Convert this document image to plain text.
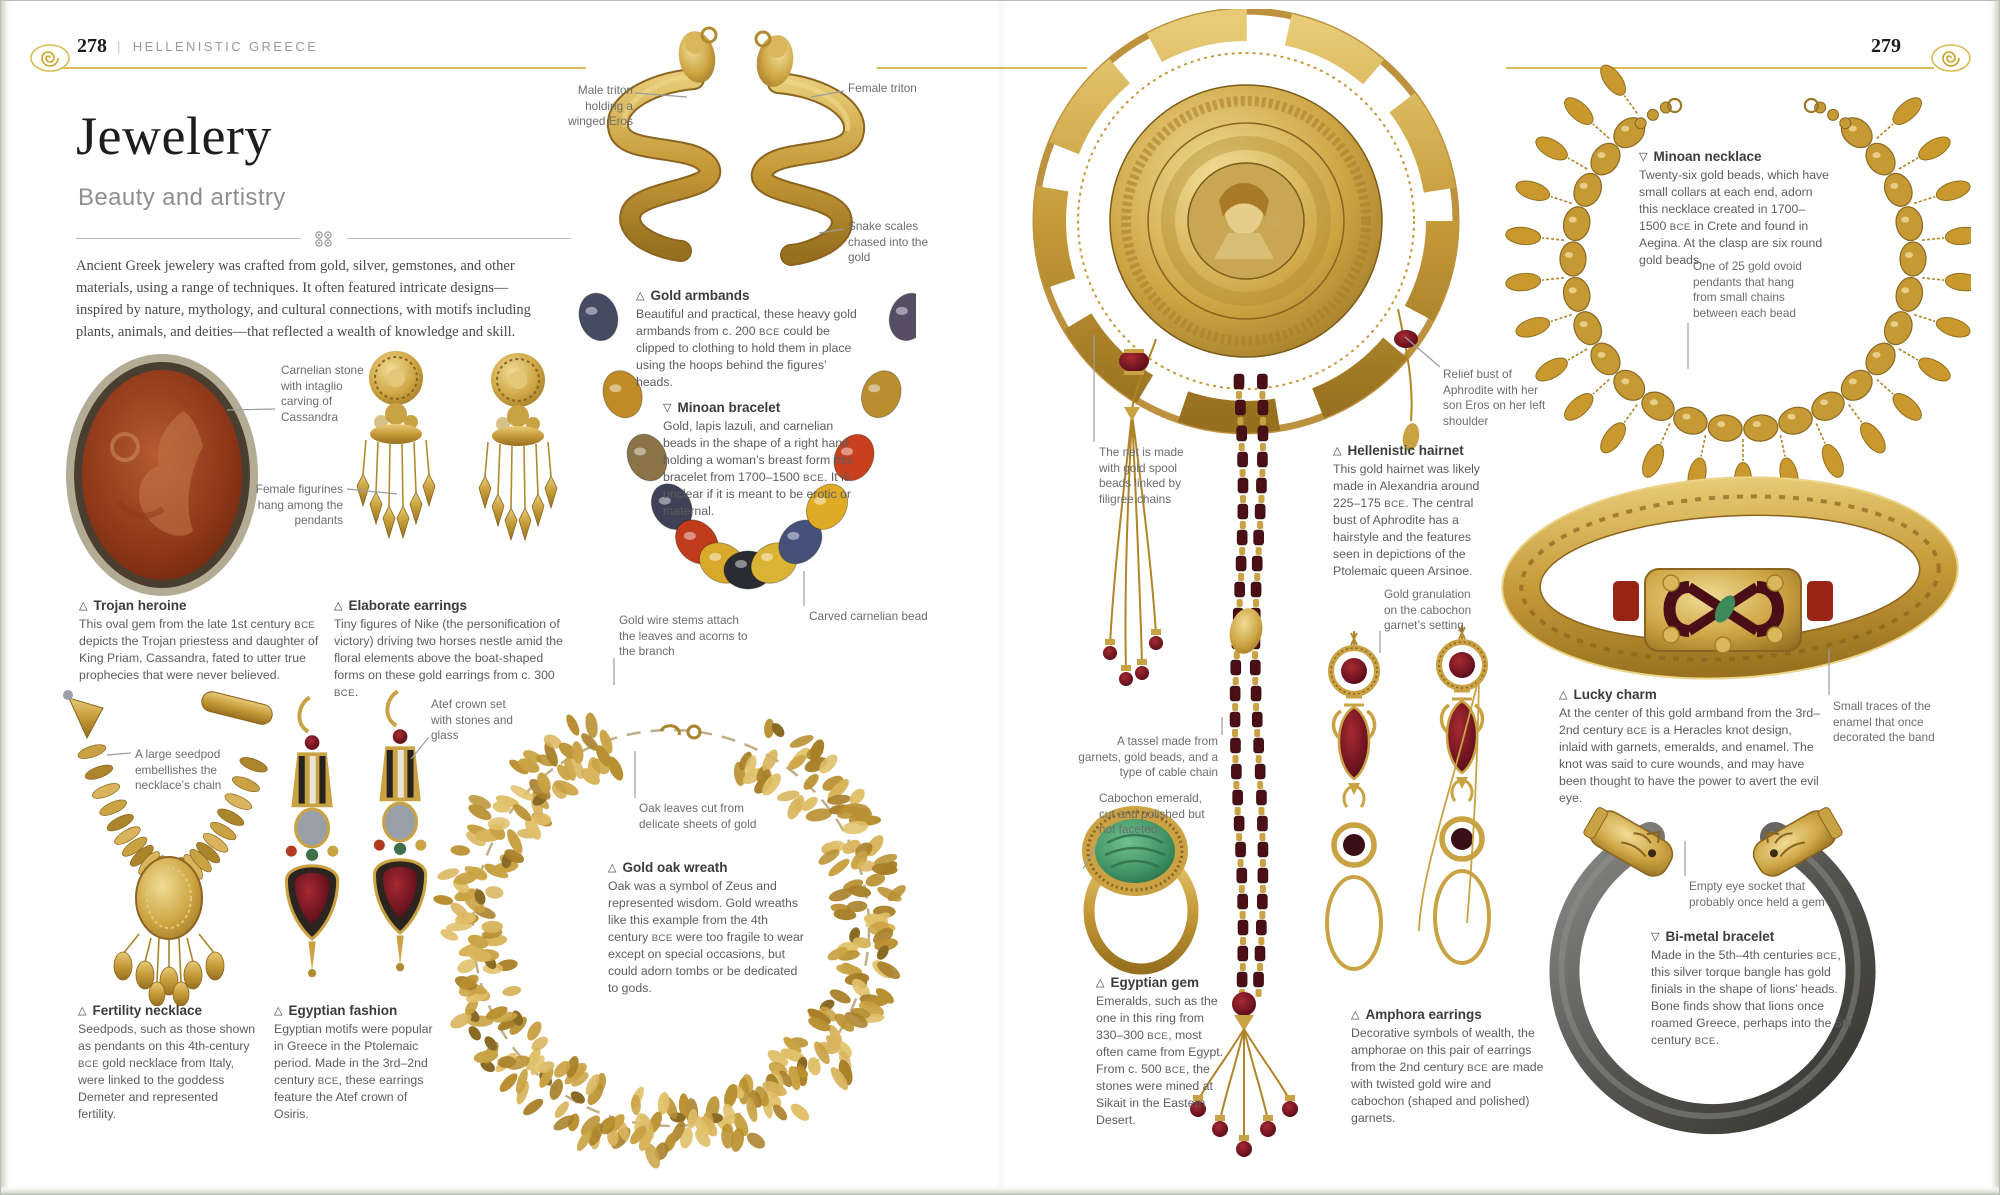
278 | HELLENISTIC GREECE	279
Jewelery
Beauty and artistry
Ancient Greek jewelery was crafted from gold, silver, gemstones, and other materials, using a range of techniques. It often featured intricate designs—inspired by nature, mythology, and cultural connections, with motifs including plants, animals, and deities—that reflected a wealth of knowledge and skill.
Male triton holding a winged Eros
Female triton
Snake scales chased into the gold
Carnelian stone with intaglio carving of Cassandra
Female figurines hang among the pendants
A large seedpod embellishes the necklace’s chain
Atef crown set with stones and glass
Gold wire stems attach the leaves and acorns to the branch
Oak leaves cut from delicate sheets of gold
Carved carnelian bead
The net is made with gold spool beads linked by filigree chains
Relief bust of Aphrodite with her son Eros on her left shoulder
A tassel made from garnets, gold beads, and a type of cable chain
Cabochon emerald, cut and polished but not faceted
Gold granulation on the cabochon garnet’s setting
One of 25 gold ovoid pendants that hang from small chains between each bead
Small traces of the enamel that once decorated the band
Empty eye socket that probably once held a gem
△ Gold armbands
Beautiful and practical, these heavy gold armbands from c. 200 BCE could be clipped to clothing to hold them in place using the hoops behind the figures’ heads.
▽ Minoan bracelet
Gold, lapis lazuli, and carnelian beads in the shape of a right hand holding a woman’s breast form this bracelet from 1700–1500 BCE. It is unclear if it is meant to be erotic or maternal.
△ Trojan heroine
This oval gem from the late 1st century BCE depicts the Trojan priestess and daughter of King Priam, Cassandra, fated to utter true prophecies that were never believed.
△ Elaborate earrings
Tiny figures of Nike (the personification of victory) driving two horses nestle amid the floral elements above the boat-shaped forms on these gold earrings from c. 300 BCE.
△ Fertility necklace
Seedpods, such as those shown as pendants on this 4th-century BCE gold necklace from Italy, were linked to the goddess Demeter and represented fertility.
△ Egyptian fashion
Egyptian motifs were popular in Greece in the Ptolemaic period. Made in the 3rd–2nd century BCE, these earrings feature the Atef crown of Osiris.
△ Gold oak wreath
Oak was a symbol of Zeus and represented wisdom. Gold wreaths like this example from the 4th century BCE were too fragile to wear except on special occasions, but could adorn tombs or be dedicated to gods.
△ Hellenistic hairnet
This gold hairnet was likely made in Alexandria around 225–175 BCE. The central bust of Aphrodite has a hairstyle and the features seen in depictions of the Ptolemaic queen Arsinoe.
△ Egyptian gem
Emeralds, such as the one in this ring from 330–300 BCE, most often came from Egypt. From c. 500 BCE, the stones were mined at Sikait in the Eastern Desert.
△ Amphora earrings
Decorative symbols of wealth, the amphorae on this pair of earrings from the 2nd century BCE are made with twisted gold wire and cabochon (shaped and polished) garnets.
▽ Minoan necklace
Twenty-six gold beads, which have small collars at each end, adorn this necklace created in 1700–1500 BCE in Crete and found in Aegina. At the clasp are six round gold beads.
△ Lucky charm
At the center of this gold armband from the 3rd–2nd century BCE is a Heracles knot design, inlaid with garnets, emeralds, and enamel. The knot was said to cure wounds, and may have been thought to have the power to avert the evil eye.
▽ Bi-metal bracelet
Made in the 5th–4th centuries BCE, this silver torque bangle has gold finials in the shape of lions’ heads. Bone finds show that lions once roamed Greece, perhaps into the 5th century BCE.
